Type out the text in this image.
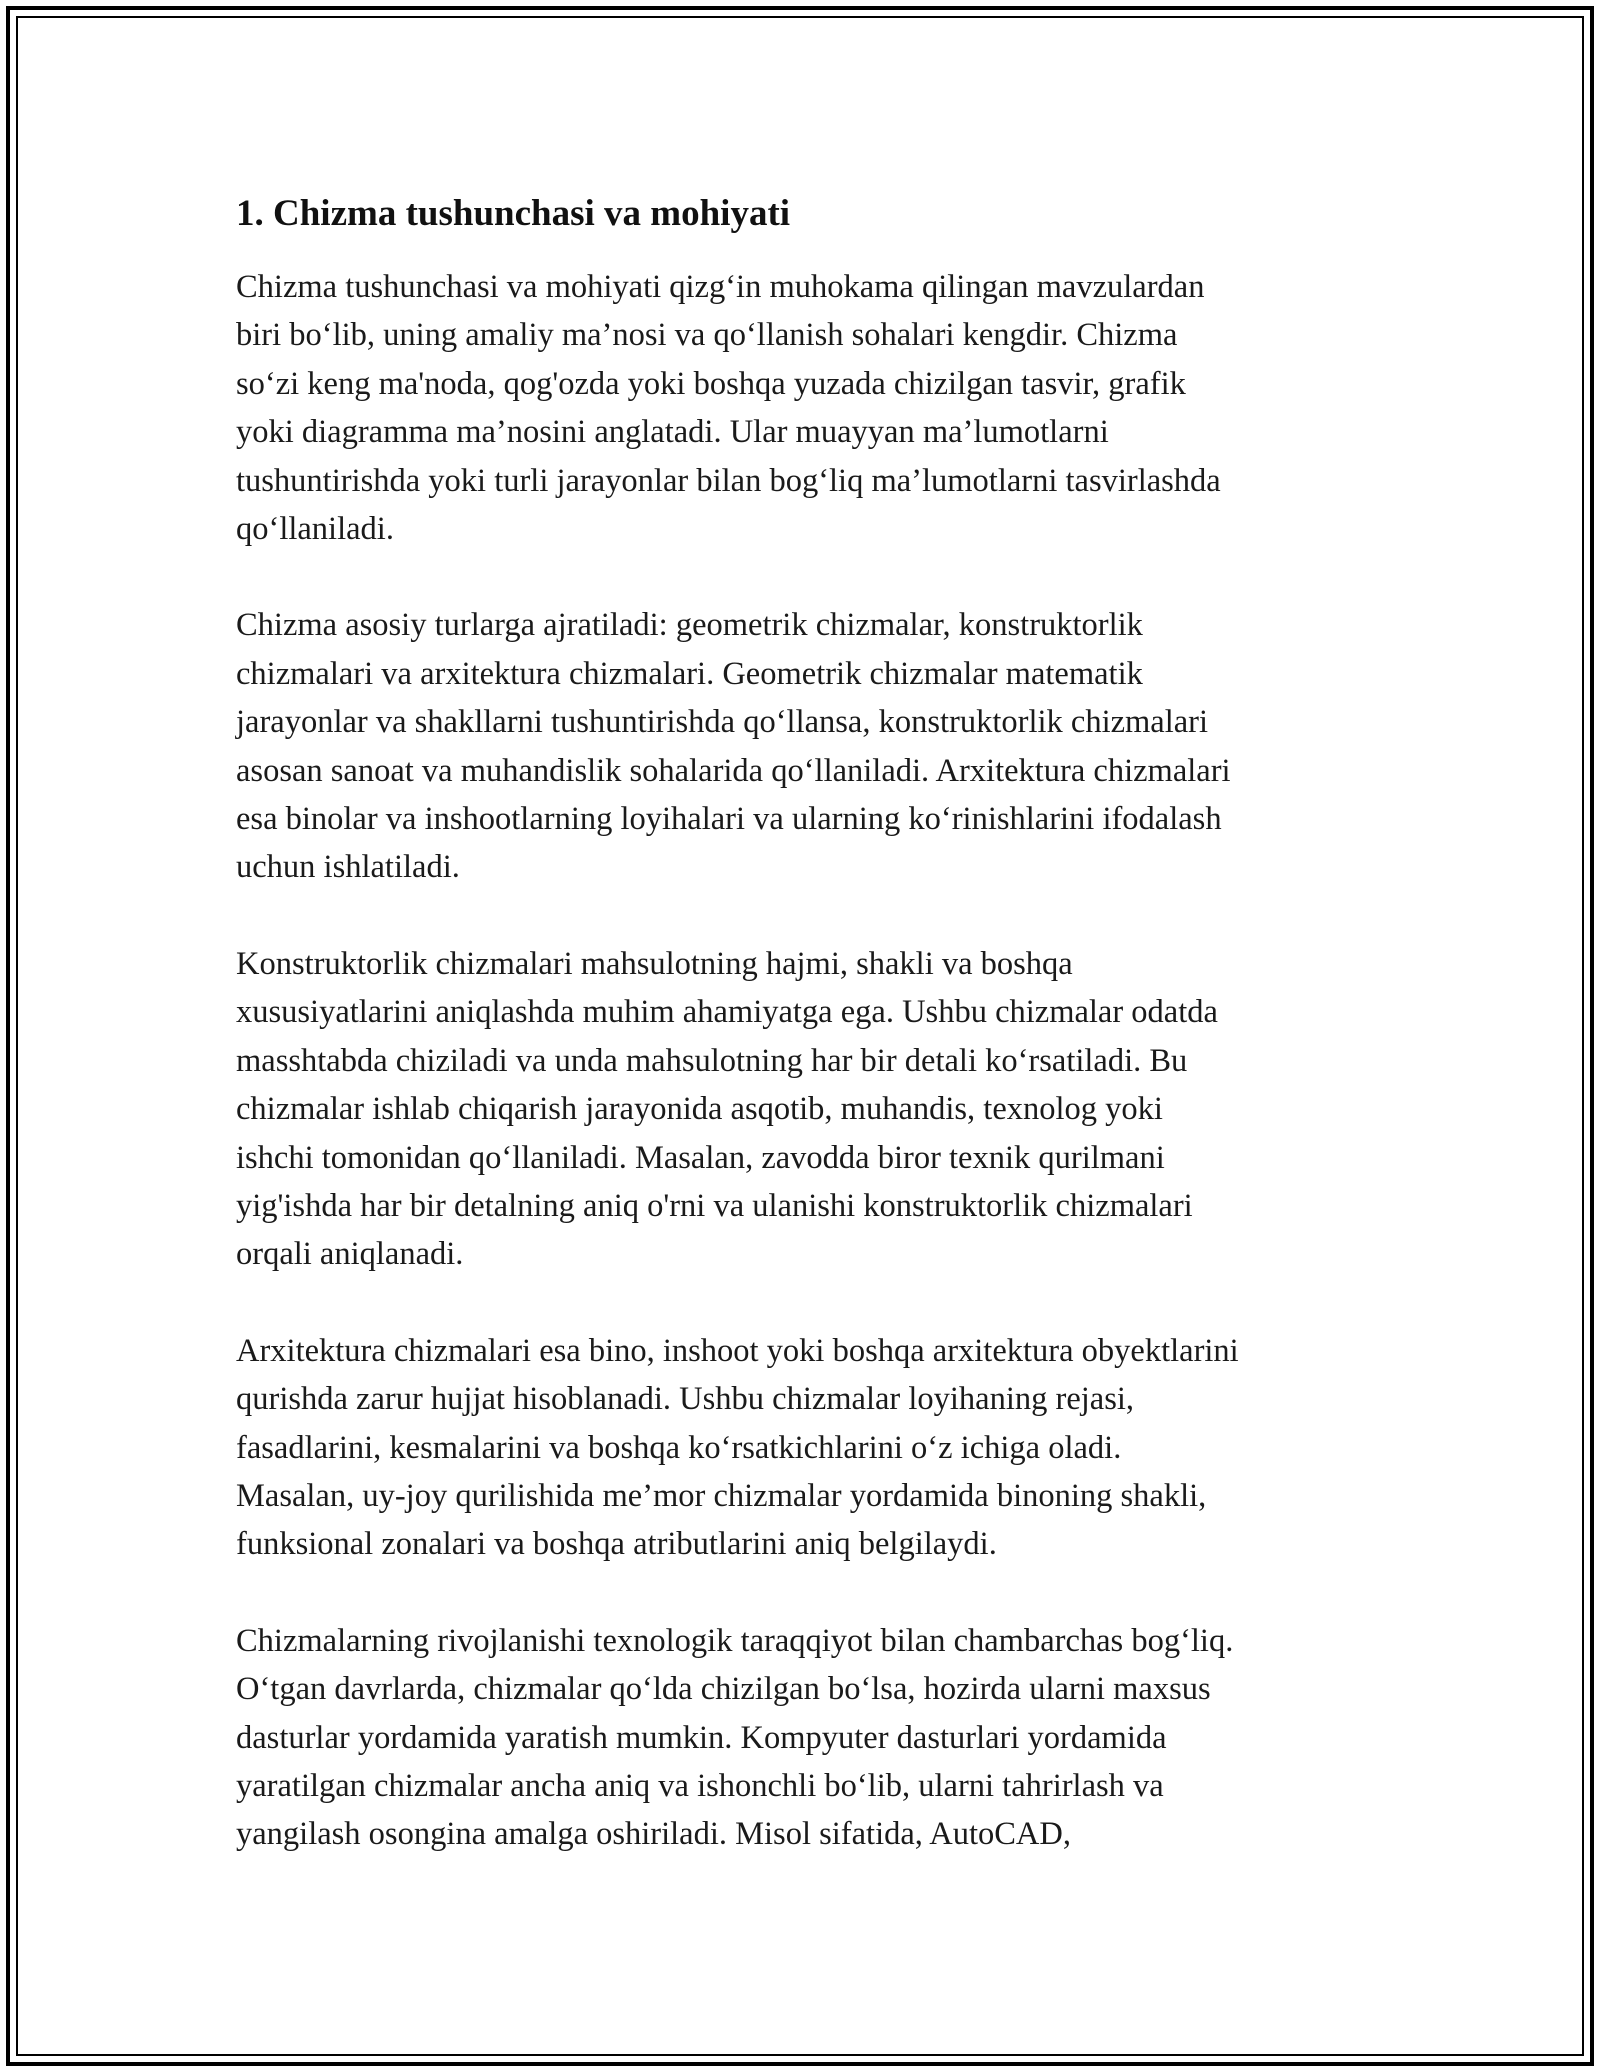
1. Chizma tushunchasi va mohiyati

Chizma tushunchasi va mohiyati qizg‘in muhokama qilingan mavzulardan
biri bo‘lib, uning amaliy ma’nosi va qo‘llanish sohalari kengdir. Chizma
so‘zi keng ma'noda, qog'ozda yoki boshqa yuzada chizilgan tasvir, grafik
yoki diagramma ma’nosini anglatadi. Ular muayyan ma’lumotlarni
tushuntirishda yoki turli jarayonlar bilan bog‘liq ma’lumotlarni tasvirlashda
qo‘llaniladi.

Chizma asosiy turlarga ajratiladi: geometrik chizmalar, konstruktorlik
chizmalari va arxitektura chizmalari. Geometrik chizmalar matematik
jarayonlar va shakllarni tushuntirishda qo‘llansa, konstruktorlik chizmalari
asosan sanoat va muhandislik sohalarida qo‘llaniladi. Arxitektura chizmalari
esa binolar va inshootlarning loyihalari va ularning ko‘rinishlarini ifodalash
uchun ishlatiladi.

Konstruktorlik chizmalari mahsulotning hajmi, shakli va boshqa
xususiyatlarini aniqlashda muhim ahamiyatga ega. Ushbu chizmalar odatda
masshtabda chiziladi va unda mahsulotning har bir detali ko‘rsatiladi. Bu
chizmalar ishlab chiqarish jarayonida asqotib, muhandis, texnolog yoki
ishchi tomonidan qo‘llaniladi. Masalan, zavodda biror texnik qurilmani
yig'ishda har bir detalning aniq o'rni va ulanishi konstruktorlik chizmalari
orqali aniqlanadi.

Arxitektura chizmalari esa bino, inshoot yoki boshqa arxitektura obyektlarini
qurishda zarur hujjat hisoblanadi. Ushbu chizmalar loyihaning rejasi,
fasadlarini, kesmalarini va boshqa ko‘rsatkichlarini o‘z ichiga oladi.
Masalan, uy-joy qurilishida me’mor chizmalar yordamida binoning shakli,
funksional zonalari va boshqa atributlarini aniq belgilaydi.

Chizmalarning rivojlanishi texnologik taraqqiyot bilan chambarchas bog‘liq.
O‘tgan davrlarda, chizmalar qo‘lda chizilgan bo‘lsa, hozirda ularni maxsus
dasturlar yordamida yaratish mumkin. Kompyuter dasturlari yordamida
yaratilgan chizmalar ancha aniq va ishonchli bo‘lib, ularni tahrirlash va
yangilash osongina amalga oshiriladi. Misol sifatida, AutoCAD,
